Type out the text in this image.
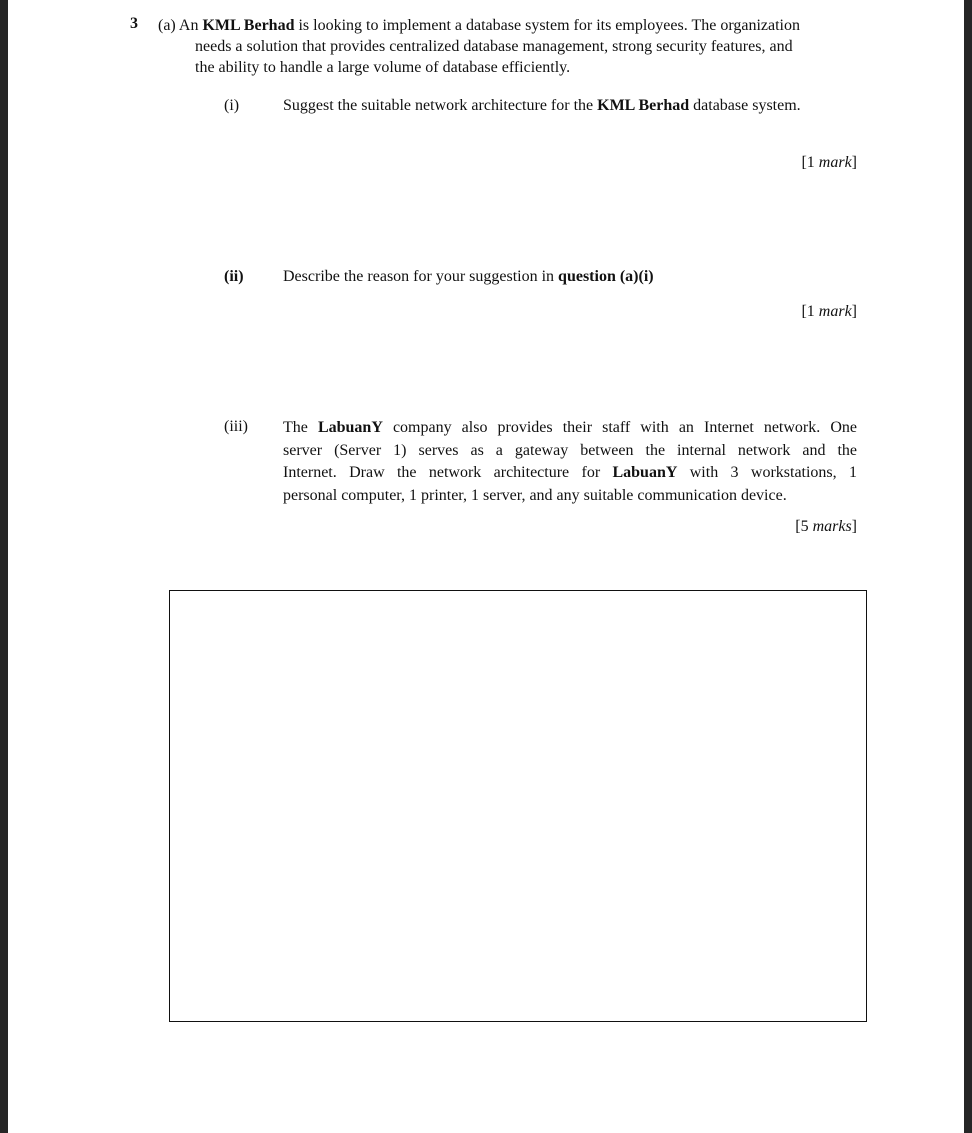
3 (a) An KML Berhad is looking to implement a database system for its employees. The organization
needs a solution that provides centralized database management, strong security features, and
the ability to handle a large volume of database efficiently.
(i)	Suggest the suitable network architecture for the KML Berhad database system.
[1 mark]
(ii) Describe the reason for your suggestion in question (a)(i)
[1 mark]
(iii) The LabuanY company also provides their staff with an Internet network. One
server (Server 1) serves as a gateway between the internal network and the
Internet. Draw the network architecture for LabuanY with 3 workstations, 1
personal computer, 1 printer, 1 server, and any suitable communication device.
[5 marks]
